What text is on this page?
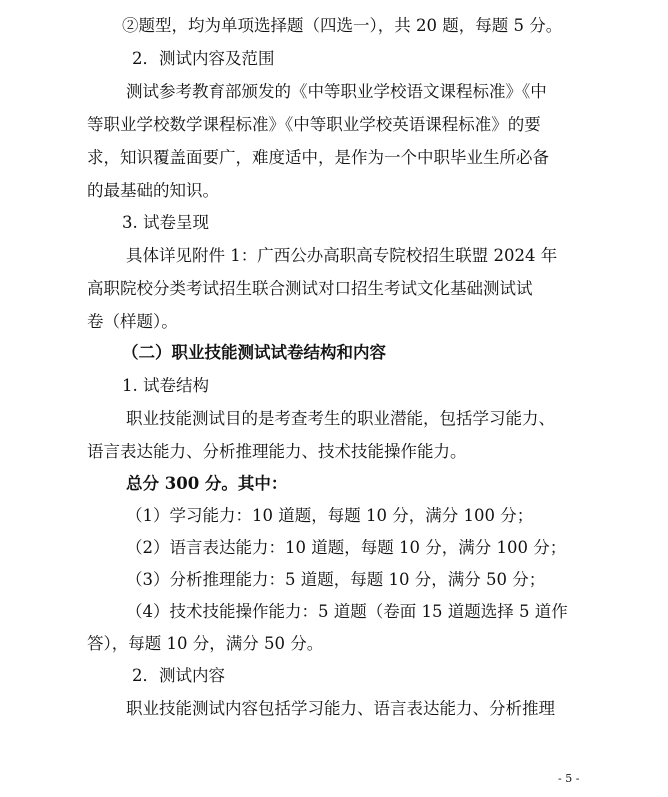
②题型，均为单项选择题（四选一），共 20 题，每题 5 分。
2．测试内容及范围
测试参考教育部颁发的《中等职业学校语文课程标准》《中
等职业学校数学课程标准》《中等职业学校英语课程标准》的要
求，知识覆盖面要广，难度适中，是作为一个中职毕业生所必备
的最基础的知识。
3. 试卷呈现
具体详见附件 1：广西公办高职高专院校招生联盟 2024 年
高职院校分类考试招生联合测试对口招生考试文化基础测试试
卷（样题）。
（二）职业技能测试试卷结构和内容
1. 试卷结构
职业技能测试目的是考查考生的职业潜能，包括学习能力、
语言表达能力、分析推理能力、技术技能操作能力。
总分 300 分。其中：
（1）学习能力：10 道题，每题 10 分，满分 100 分；
（2）语言表达能力：10 道题，每题 10 分，满分 100 分；
（3）分析推理能力：5 道题，每题 10 分，满分 50 分；
（4）技术技能操作能力：5 道题（卷面 15 道题选择 5 道作
答），每题 10 分，满分 50 分。
2．测试内容
职业技能测试内容包括学习能力、语言表达能力、分析推理
- 5 -
